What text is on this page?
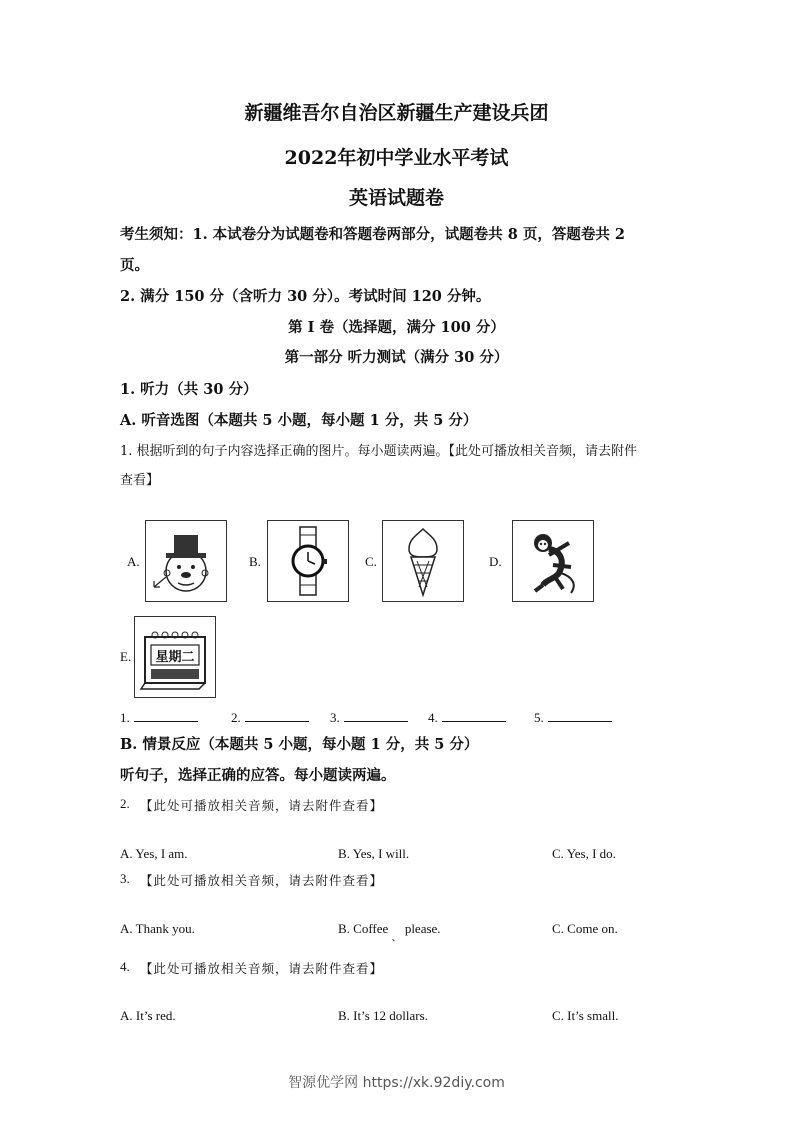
新疆维吾尔自治区新疆生产建设兵团
2022年初中学业水平考试
英语试题卷
考生须知：1. 本试卷分为试题卷和答题卷两部分，试题卷共 8 页，答题卷共 2
页。
2. 满分 150 分（含听力 30 分）。考试时间 120 分钟。
第 I 卷（选择题，满分 100 分）
第一部分 听力测试（满分 30 分）
1. 听力（共 30 分）
A. 听音选图（本题共 5 小题，每小题 1 分，共 5 分）
1. 根据听到的句子内容选择正确的图片。每小题读两遍。【此处可播放相关音频，请去附件
查看】
A.	B.	C.	D.
E. 星期二
1.	2.	3.	4.	5.
B. 情景反应（本题共 5 小题，每小题 1 分，共 5 分）
听句子，选择正确的应答。每小题读两遍。
2. 【此处可播放相关音频，请去附件查看】
A. Yes, I am.	B. Yes, I will.	C. Yes, I do.
3. 【此处可播放相关音频，请去附件查看】
A. Thank you.	B. Coffee $_、$ please.	C. Come on.
4. 【此处可播放相关音频，请去附件查看】
A. It’s red.	B. It’s 12 dollars.	C. It’s small.
智源优学网 https://xk.92diy.com
